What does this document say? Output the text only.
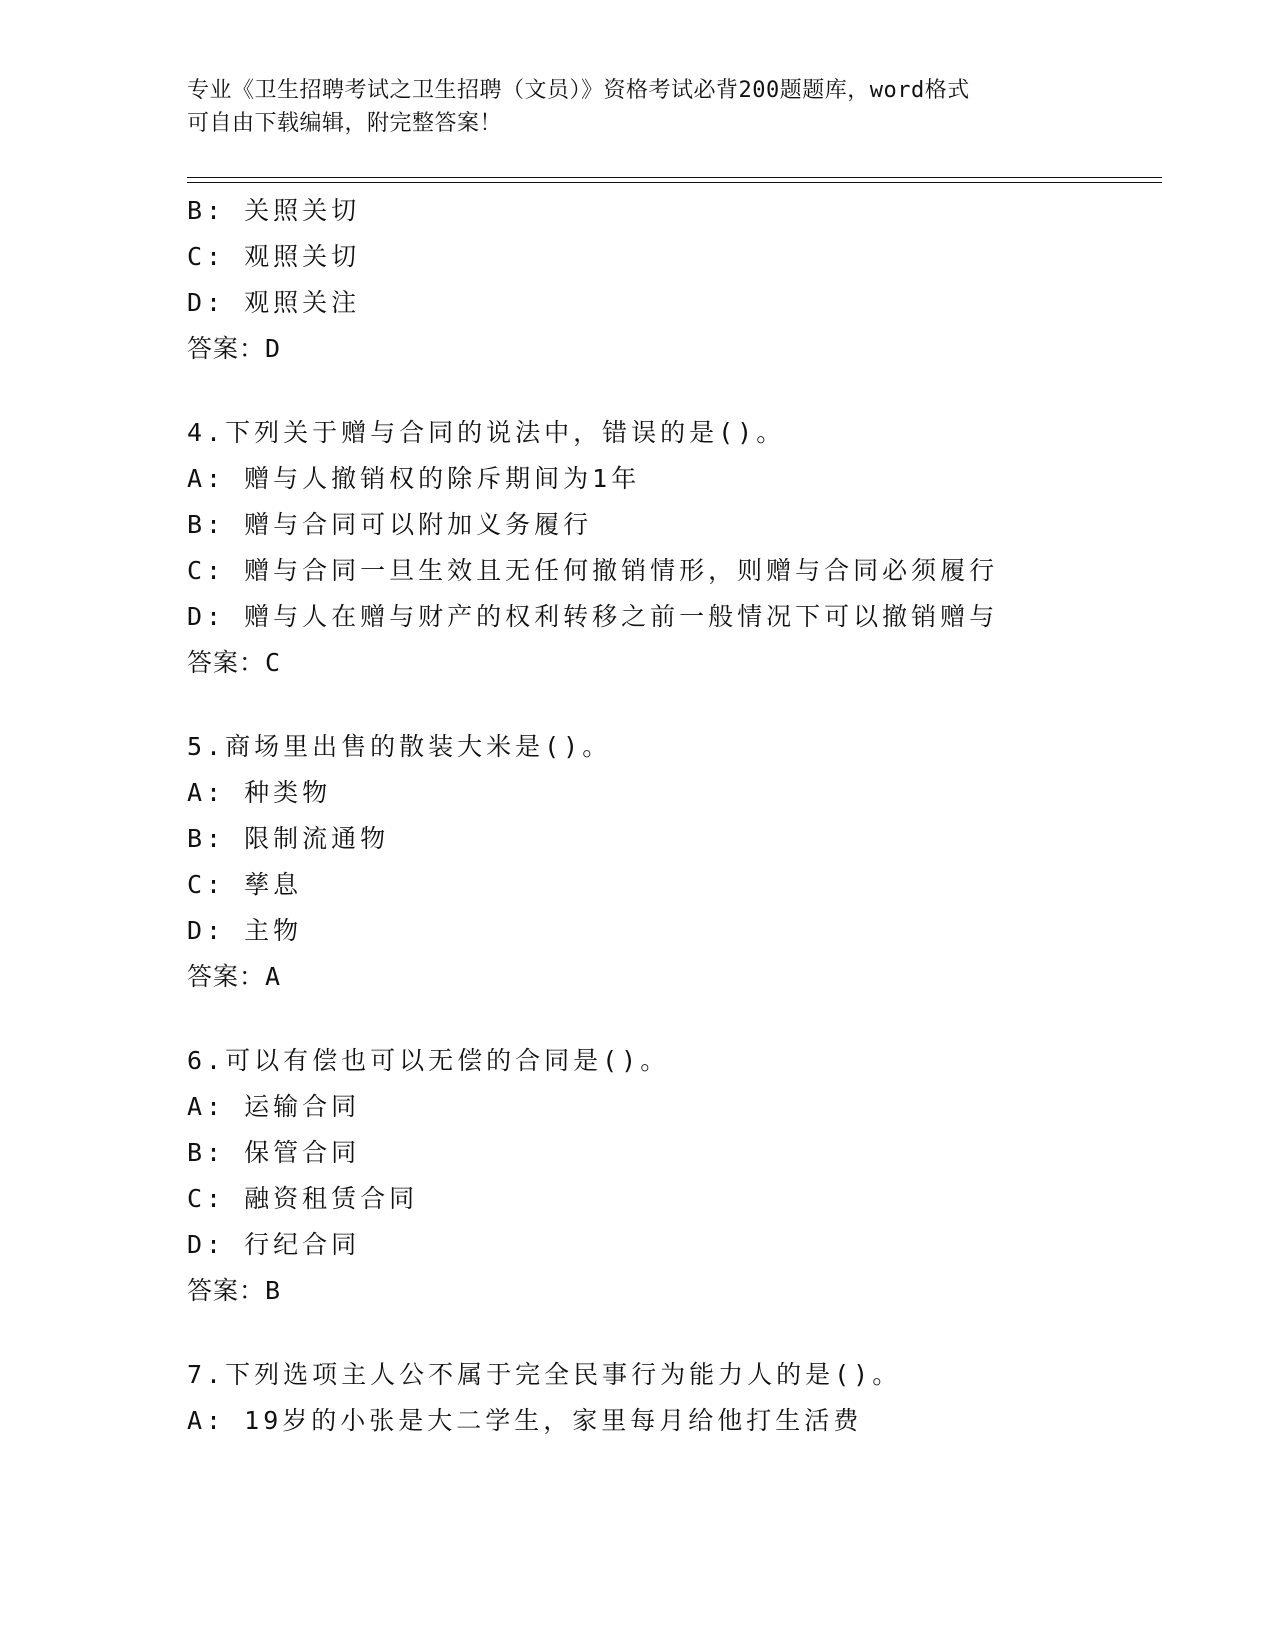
专业《卫生招聘考试之卫生招聘（文员）》资格考试必背200题题库，word格式
可自由下载编辑，附完整答案！
B: 关照关切
C: 观照关切
D: 观照关注
答案：D
4.下列关于赠与合同的说法中，错误的是()。
A: 赠与人撤销权的除斥期间为1年
B: 赠与合同可以附加义务履行
C: 赠与合同一旦生效且无任何撤销情形，则赠与合同必须履行
D: 赠与人在赠与财产的权利转移之前一般情况下可以撤销赠与
答案：C
5.商场里出售的散装大米是()。
A: 种类物
B: 限制流通物
C: 孳息
D: 主物
答案：A
6.可以有偿也可以无偿的合同是()。
A: 运输合同
B: 保管合同
C: 融资租赁合同
D: 行纪合同
答案：B
7.下列选项主人公不属于完全民事行为能力人的是()。
A: 19岁的小张是大二学生，家里每月给他打生活费
